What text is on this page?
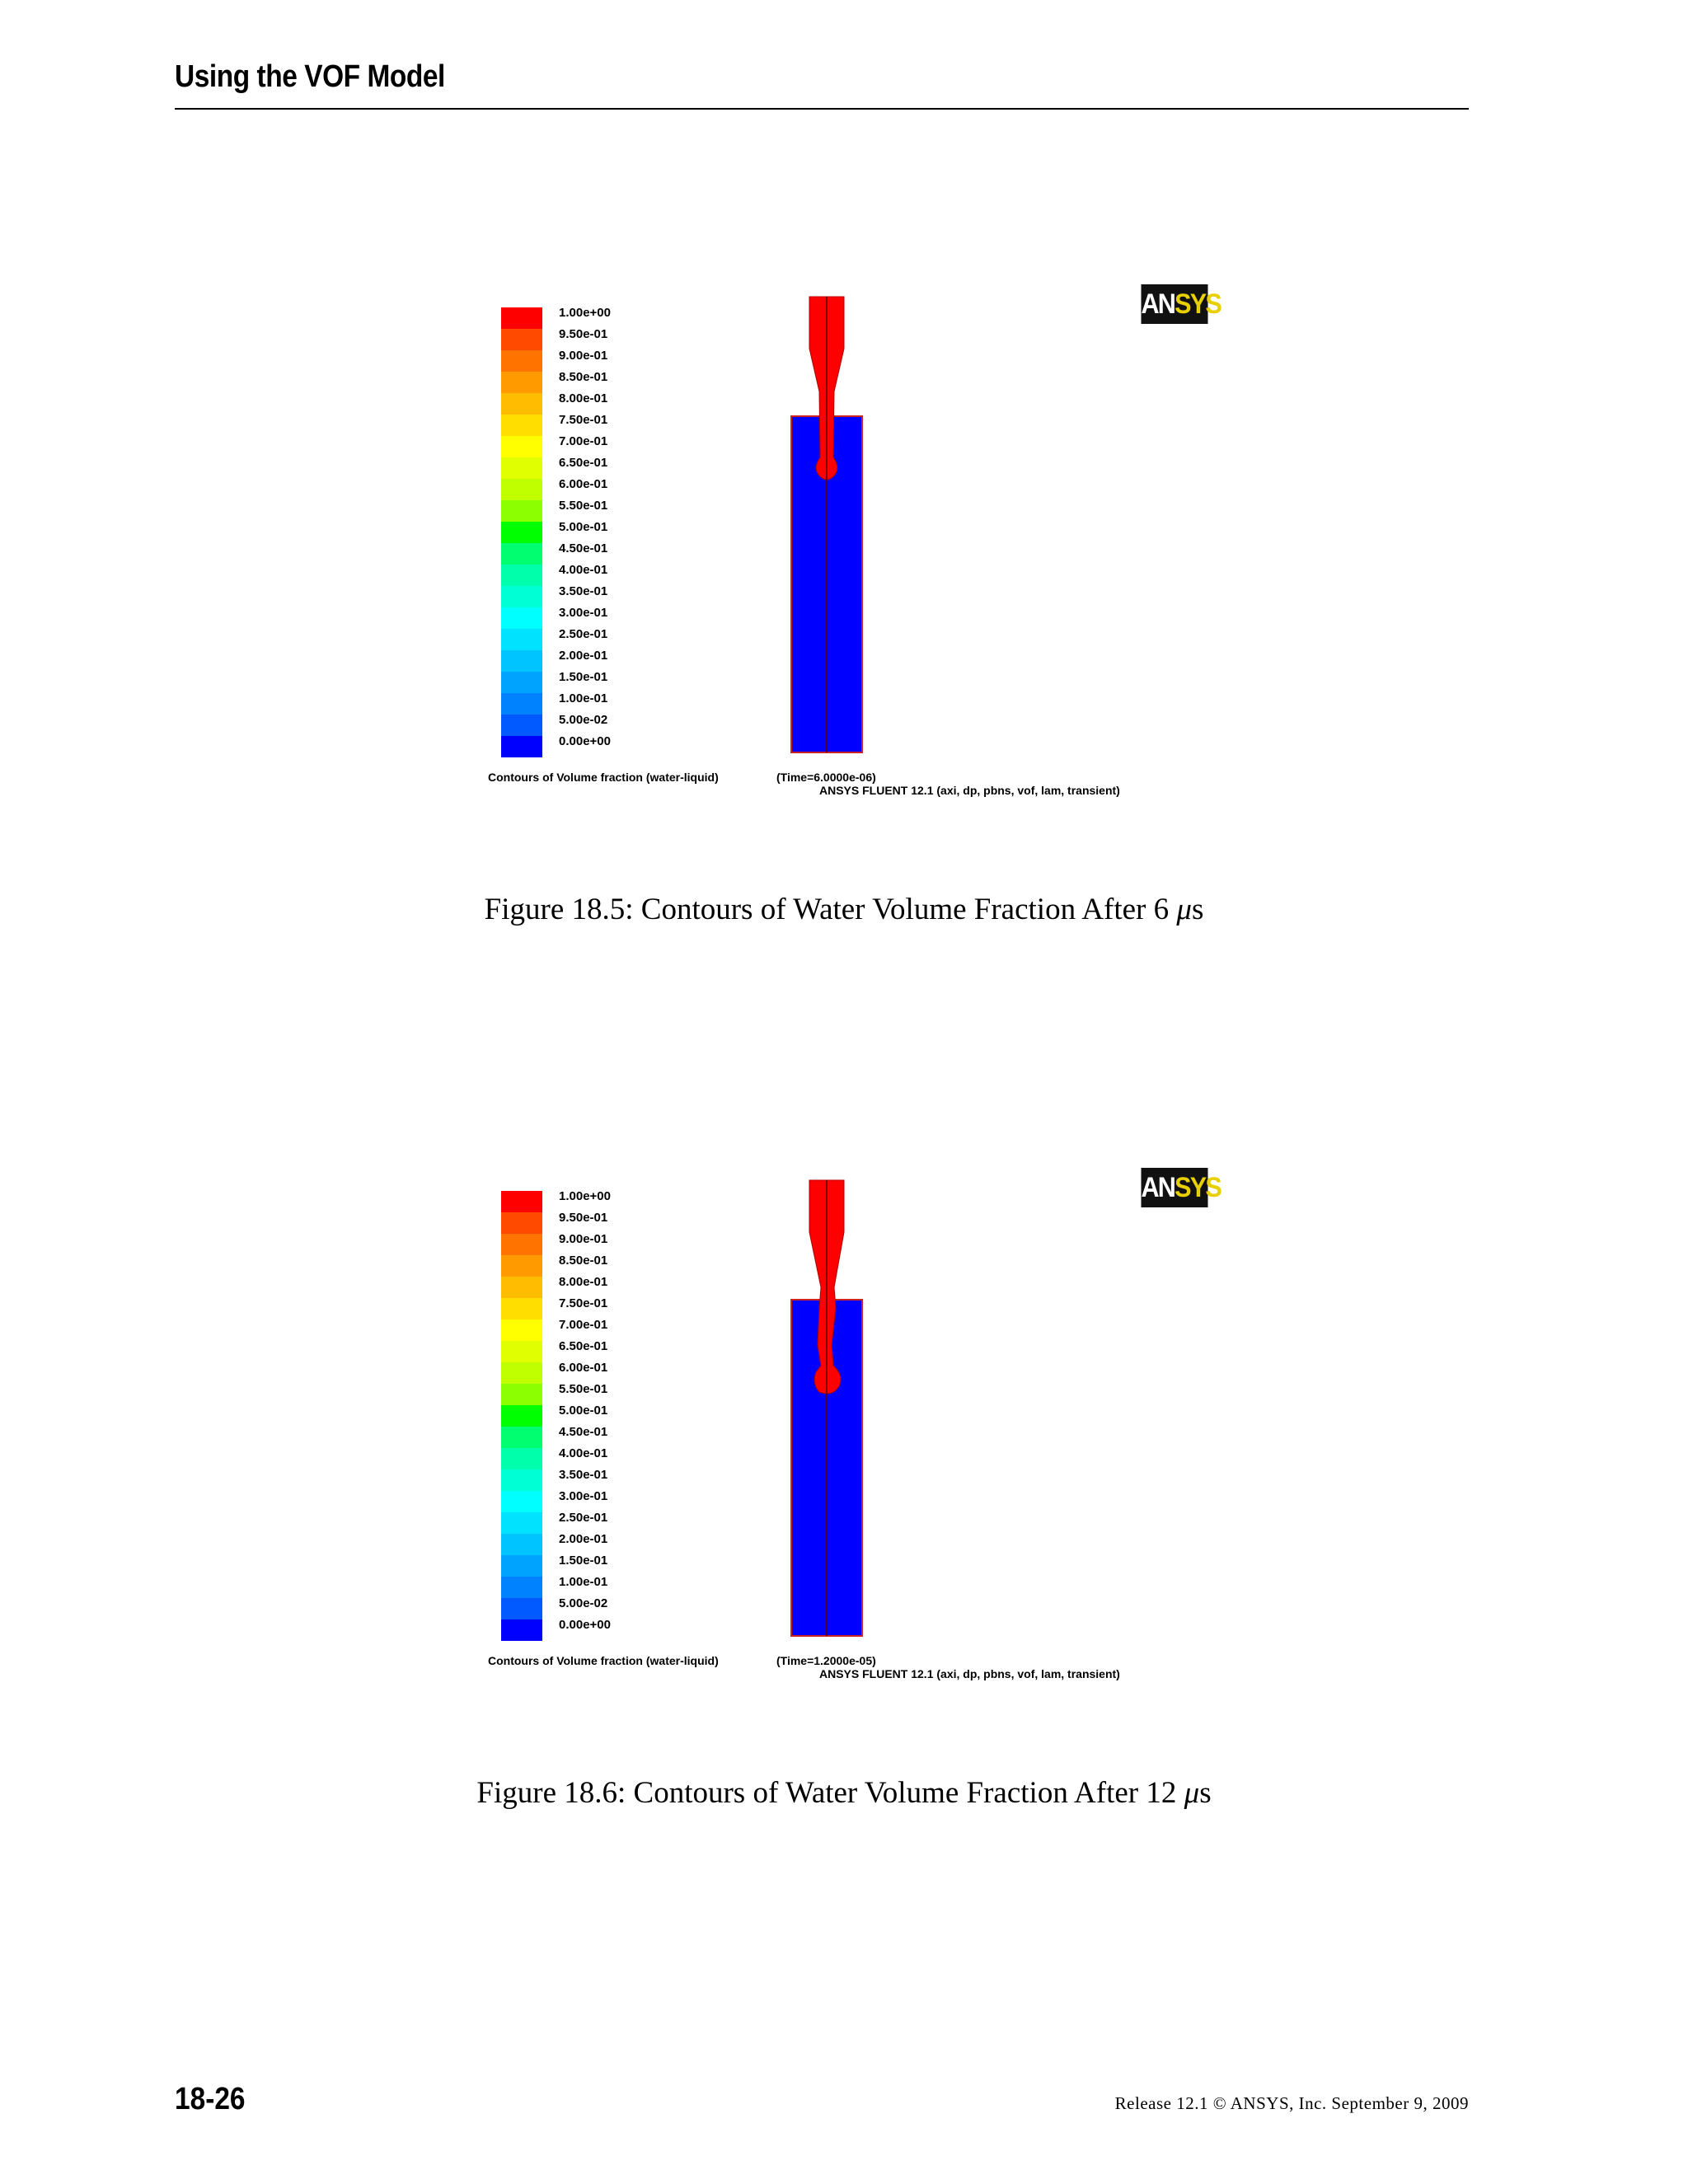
Using the VOF Model
1.00e+00
9.50e-01
9.00e-01
8.50e-01
8.00e-01
7.50e-01
7.00e-01
6.50e-01
6.00e-01
5.50e-01
5.00e-01
4.50e-01
4.00e-01
3.50e-01
3.00e-01
2.50e-01
2.00e-01
1.50e-01
1.00e-01
5.00e-02
0.00e+00
ANSYS
Contours of Volume fraction (water-liquid)	(Time=6.0000e-06)
ANSYS FLUENT 12.1 (axi, dp, pbns, vof, lam, transient)
Figure 18.5: Contours of Water Volume Fraction After 6 μs
1.00e+00
9.50e-01
9.00e-01
8.50e-01
8.00e-01
7.50e-01
7.00e-01
6.50e-01
6.00e-01
5.50e-01
5.00e-01
4.50e-01
4.00e-01
3.50e-01
3.00e-01
2.50e-01
2.00e-01
1.50e-01
1.00e-01
5.00e-02
0.00e+00
ANSYS
Contours of Volume fraction (water-liquid)	(Time=1.2000e-05)
ANSYS FLUENT 12.1 (axi, dp, pbns, vof, lam, transient)
Figure 18.6: Contours of Water Volume Fraction After 12 μs
18-26	Release 12.1 © ANSYS, Inc. September 9, 2009
